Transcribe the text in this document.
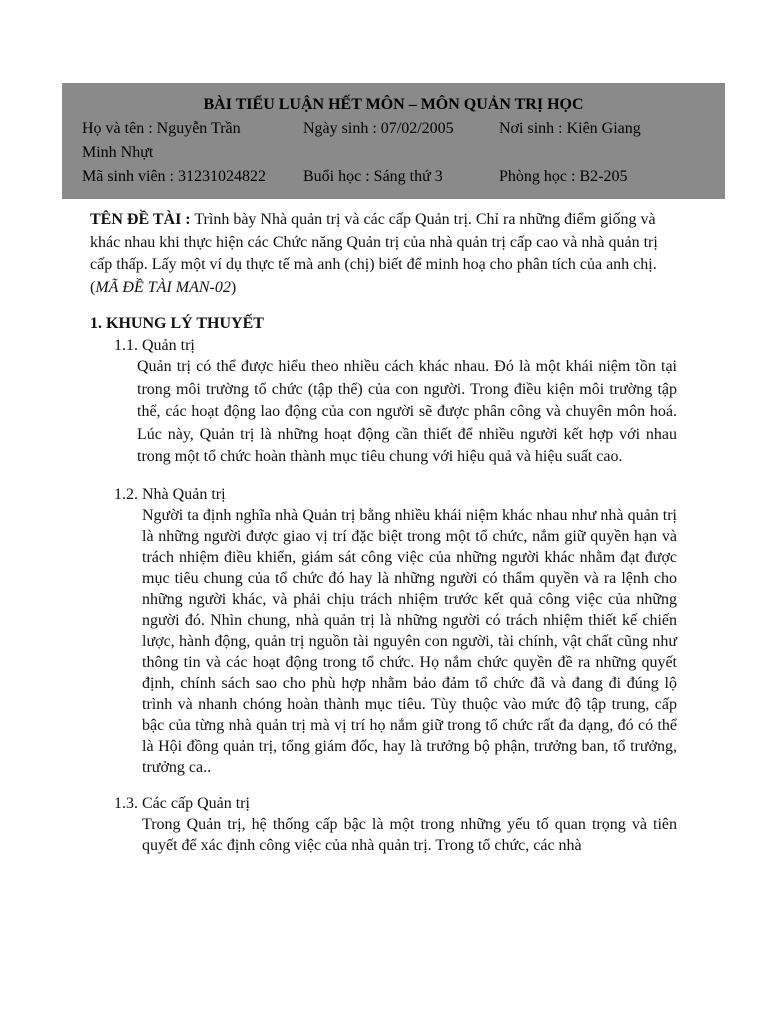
BÀI TIỂU LUẬN HẾT MÔN – MÔN QUẢN TRỊ HỌC
Họ và tên : Nguyễn Trần	Ngày sinh : 07/02/2005	Nơi sinh : Kiên Giang
Minh Nhựt
Mã sinh viên : 31231024822	Buổi học : Sáng thứ 3	Phòng học : B2-205
TÊN ĐỀ TÀI : Trình bày Nhà quản trị và các cấp Quản trị. Chỉ ra những điểm giống và khác nhau khi thực hiện các Chức năng Quản trị của nhà quản trị cấp cao và nhà quản trị cấp thấp. Lấy một ví dụ thực tế mà anh (chị) biết để minh hoạ cho phân tích của anh chị. (MÃ ĐỀ TÀI MAN-02)
1. KHUNG LÝ THUYẾT
1.1. Quản trị
Quản trị có thể được hiểu theo nhiều cách khác nhau. Đó là một khái niệm tồn tại trong môi trường tổ chức (tập thể) của con người. Trong điều kiện môi trường tập thể, các hoạt động lao động của con người sẽ được phân công và chuyên môn hoá. Lúc này, Quản trị là những hoạt động cần thiết để nhiều người kết hợp với nhau trong một tổ chức hoàn thành mục tiêu chung với hiệu quả và hiệu suất cao.
1.2. Nhà Quản trị
Người ta định nghĩa nhà Quản trị bằng nhiều khái niệm khác nhau như nhà quản trị là những người được giao vị trí đặc biệt trong một tổ chức, nắm giữ quyền hạn và trách nhiệm điều khiển, giám sát công việc của những người khác nhằm đạt được mục tiêu chung của tổ chức đó hay là những người có thẩm quyền và ra lệnh cho những người khác, và phải chịu trách nhiệm trước kết quả công việc của những người đó. Nhìn chung, nhà quản trị là những người có trách nhiệm thiết kế chiến lược, hành động, quản trị nguồn tài nguyên con người, tài chính, vật chất cũng như thông tin và các hoạt động trong tổ chức. Họ nắm chức quyền đề ra những quyết định, chính sách sao cho phù hợp nhằm bảo đảm tổ chức đã và đang đi đúng lộ trình và nhanh chóng hoàn thành mục tiêu. Tùy thuộc vào mức độ tập trung, cấp bậc của từng nhà quản trị mà vị trí họ nắm giữ trong tổ chức rất đa dạng, đó có thể là Hội đồng quản trị, tổng giám đốc, hay là trưởng bộ phận, trưởng ban, tổ trưởng, trưởng ca..
1.3. Các cấp Quản trị
Trong Quản trị, hệ thống cấp bậc là một trong những yếu tố quan trọng và tiên quyết để xác định công việc của nhà quản trị. Trong tổ chức, các nhà
